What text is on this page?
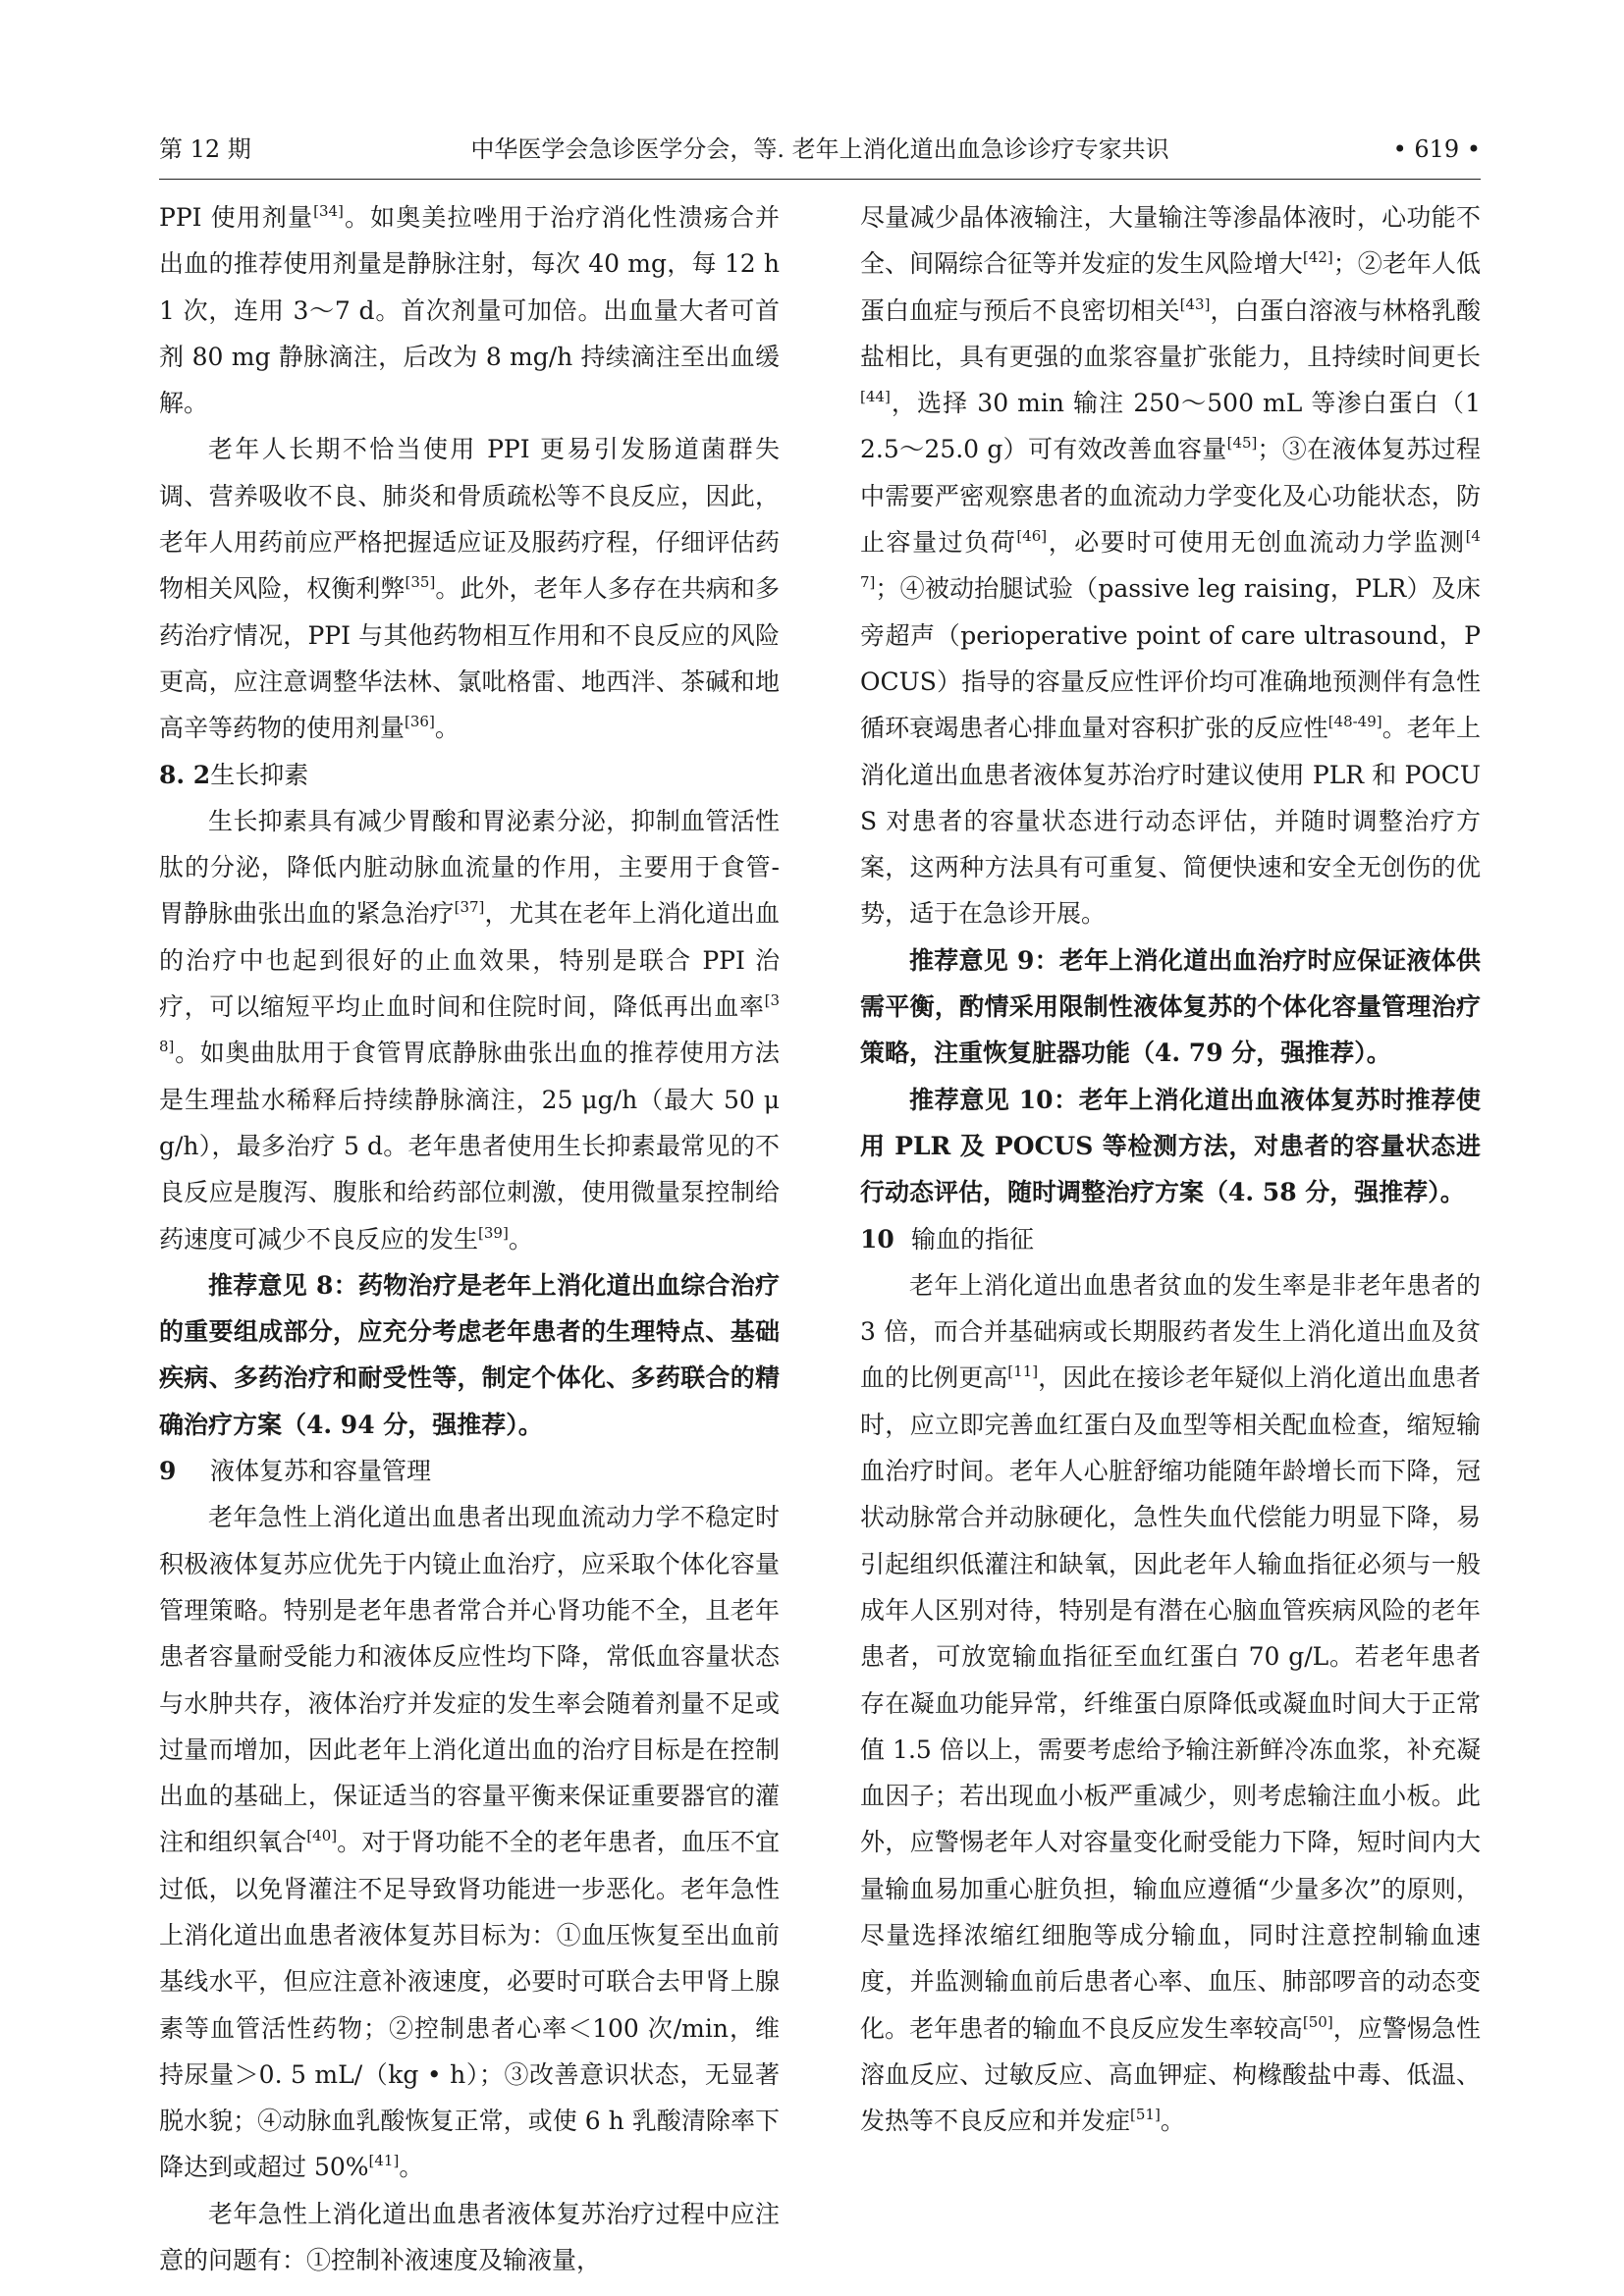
第 12 期	中华医学会急诊医学分会，等. 老年上消化道出血急诊诊疗专家共识	• 619 •

PPI 使用剂量[34]。如奥美拉唑用于治疗消化性溃疡合并出血的推荐使用剂量是静脉注射，每次 40 mg，每 12 h 1 次，连用 3～7 d。首次剂量可加倍。出血量大者可首剂 80 mg 静脉滴注，后改为 8 mg/h 持续滴注至出血缓解。

老年人长期不恰当使用 PPI 更易引发肠道菌群失调、营养吸收不良、肺炎和骨质疏松等不良反应，因此，老年人用药前应严格把握适应证及服药疗程，仔细评估药物相关风险，权衡利弊[35]。此外，老年人多存在共病和多药治疗情况，PPI 与其他药物相互作用和不良反应的风险更高，应注意调整华法林、氯吡格雷、地西泮、茶碱和地高辛等药物的使用剂量[36]。

8. 2生长抑素

生长抑素具有减少胃酸和胃泌素分泌，抑制血管活性肽的分泌，降低内脏动脉血流量的作用，主要用于食管-胃静脉曲张出血的紧急治疗[37]，尤其在老年上消化道出血的治疗中也起到很好的止血效果，特别是联合 PPI 治疗，可以缩短平均止血时间和住院时间，降低再出血率[38]。如奥曲肽用于食管胃底静脉曲张出血的推荐使用方法是生理盐水稀释后持续静脉滴注，25 μg/h（最大 50 μg/h），最多治疗 5 d。老年患者使用生长抑素最常见的不良反应是腹泻、腹胀和给药部位刺激，使用微量泵控制给药速度可减少不良反应的发生[39]。

推荐意见 8：药物治疗是老年上消化道出血综合治疗的重要组成部分，应充分考虑老年患者的生理特点、基础疾病、多药治疗和耐受性等，制定个体化、多药联合的精确治疗方案（4. 94 分，强推荐）。

9 液体复苏和容量管理

老年急性上消化道出血患者出现血流动力学不稳定时积极液体复苏应优先于内镜止血治疗，应采取个体化容量管理策略。特别是老年患者常合并心肾功能不全，且老年患者容量耐受能力和液体反应性均下降，常低血容量状态与水肿共存，液体治疗并发症的发生率会随着剂量不足或过量而增加，因此老年上消化道出血的治疗目标是在控制出血的基础上，保证适当的容量平衡来保证重要器官的灌注和组织氧合[40]。对于肾功能不全的老年患者，血压不宜过低，以免肾灌注不足导致肾功能进一步恶化。老年急性上消化道出血患者液体复苏目标为：①血压恢复至出血前基线水平，但应注意补液速度，必要时可联合去甲肾上腺素等血管活性药物；②控制患者心率＜100 次/min，维持尿量＞0. 5 mL/（kg • h）；③改善意识状态，无显著脱水貌；④动脉血乳酸恢复正常，或使 6 h 乳酸清除率下降达到或超过 50%[41]。

老年急性上消化道出血患者液体复苏治疗过程中应注意的问题有：①控制补液速度及输液量，

尽量减少晶体液输注，大量输注等渗晶体液时，心功能不全、间隔综合征等并发症的发生风险增大[42]；②老年人低蛋白血症与预后不良密切相关[43]，白蛋白溶液与林格乳酸盐相比，具有更强的血浆容量扩张能力，且持续时间更长[44]，选择 30 min 输注 250～500 mL 等渗白蛋白（12.5～25.0 g）可有效改善血容量[45]；③在液体复苏过程中需要严密观察患者的血流动力学变化及心功能状态，防止容量过负荷[46]，必要时可使用无创血流动力学监测[47]；④被动抬腿试验（passive leg raising，PLR）及床旁超声（perioperative point of care ultrasound，POCUS）指导的容量反应性评价均可准确地预测伴有急性循环衰竭患者心排血量对容积扩张的反应性[48-49]。老年上消化道出血患者液体复苏治疗时建议使用 PLR 和 POCUS 对患者的容量状态进行动态评估，并随时调整治疗方案，这两种方法具有可重复、简便快速和安全无创伤的优势，适于在急诊开展。

推荐意见 9：老年上消化道出血治疗时应保证液体供需平衡，酌情采用限制性液体复苏的个体化容量管理治疗策略，注重恢复脏器功能（4. 79 分，强推荐）。

推荐意见 10：老年上消化道出血液体复苏时推荐使用 PLR 及 POCUS 等检测方法，对患者的容量状态进行动态评估，随时调整治疗方案（4. 58 分，强推荐）。

10 输血的指征

老年上消化道出血患者贫血的发生率是非老年患者的 3 倍，而合并基础病或长期服药者发生上消化道出血及贫血的比例更高[11]，因此在接诊老年疑似上消化道出血患者时，应立即完善血红蛋白及血型等相关配血检查，缩短输血治疗时间。老年人心脏舒缩功能随年龄增长而下降，冠状动脉常合并动脉硬化，急性失血代偿能力明显下降，易引起组织低灌注和缺氧，因此老年人输血指征必须与一般成年人区别对待，特别是有潜在心脑血管疾病风险的老年患者，可放宽输血指征至血红蛋白 70 g/L。若老年患者存在凝血功能异常，纤维蛋白原降低或凝血时间大于正常值 1.5 倍以上，需要考虑给予输注新鲜冷冻血浆，补充凝血因子；若出现血小板严重减少，则考虑输注血小板。此外，应警惕老年人对容量变化耐受能力下降，短时间内大量输血易加重心脏负担，输血应遵循“少量多次”的原则，尽量选择浓缩红细胞等成分输血，同时注意控制输血速度，并监测输血前后患者心率、血压、肺部啰音的动态变化。老年患者的输血不良反应发生率较高[50]，应警惕急性溶血反应、过敏反应、高血钾症、枸橼酸盐中毒、低温、发热等不良反应和并发症[51]。
